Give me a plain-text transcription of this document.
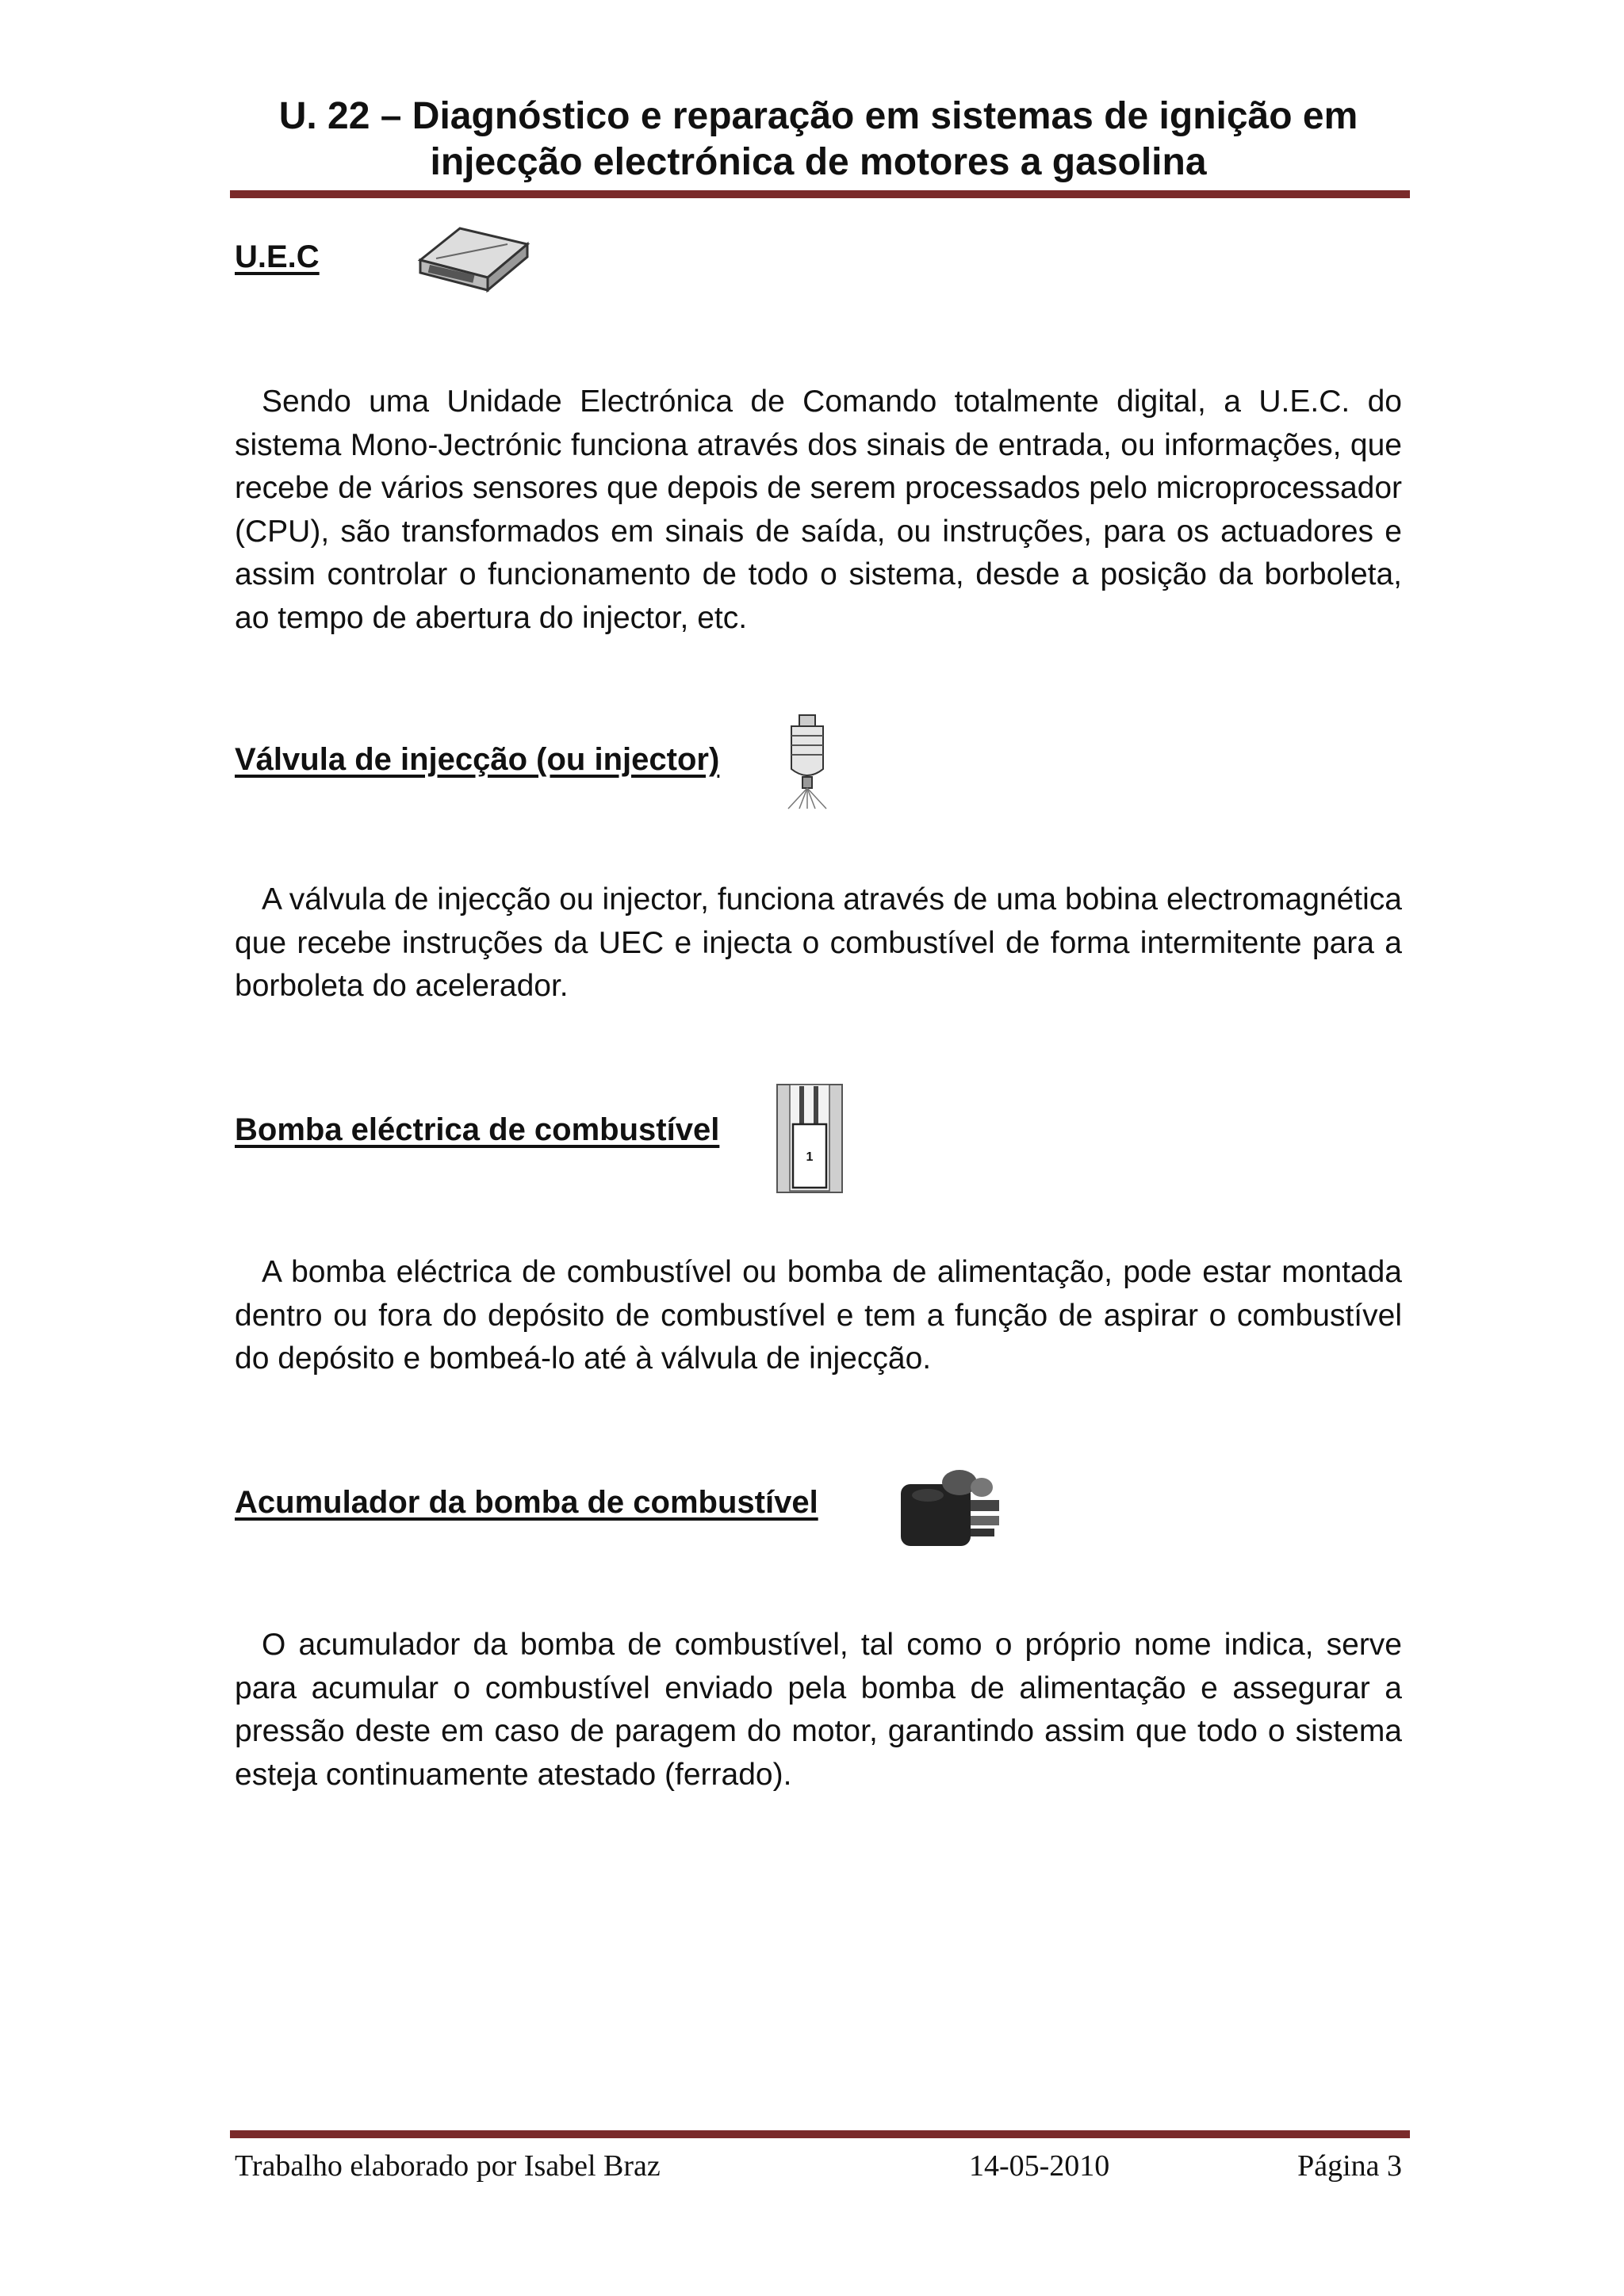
U. 22 – Diagnóstico e reparação em sistemas de ignição em

injecção electrónica de motores a gasolina

U.E.C

Sendo uma Unidade Electrónica de Comando totalmente digital, a U.E.C. do sistema Mono-Jectrónic funciona através dos sinais de entrada, ou informações, que recebe de vários sensores que depois de serem processados pelo microprocessador (CPU), são transformados em sinais de saída, ou instruções, para os actuadores e assim controlar o funcionamento de todo o sistema, desde a posição da borboleta, ao tempo de abertura do injector, etc.

Válvula de injecção (ou injector)

A válvula de injecção ou injector, funciona através de uma bobina electromagnética que recebe instruções da UEC e injecta o combustível de forma intermitente para a borboleta do acelerador.

Bomba eléctrica de combustível

1

A bomba eléctrica de combustível ou bomba de alimentação, pode estar montada dentro ou fora do depósito de combustível e tem a função de aspirar o combustível do depósito e bombeá-lo até à válvula de injecção.

Acumulador da bomba de combustível

O acumulador da bomba de combustível, tal como o próprio nome indica, serve para acumular o combustível enviado pela bomba de alimentação e assegurar a pressão deste em caso de paragem do motor, garantindo assim que todo o sistema esteja continuamente atestado (ferrado).

Trabalho elaborado por Isabel Braz	14-05-2010	Página 3
